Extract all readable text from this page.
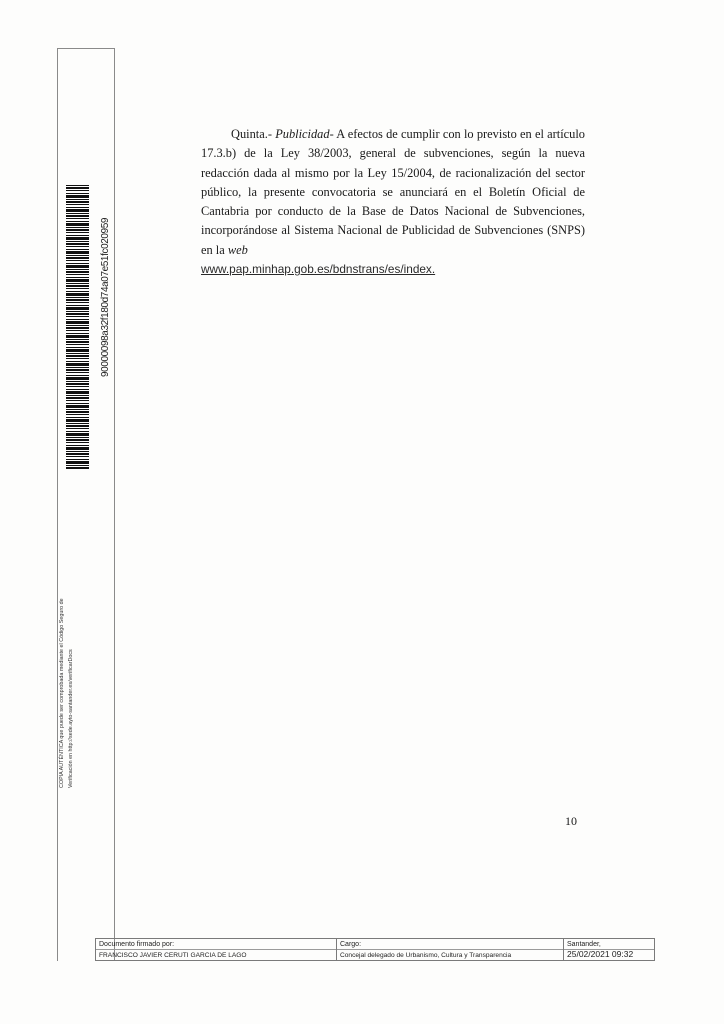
90000098a32f180d74a07e51fc020959
COPIA AUTÉNTICA que puede ser comprobada mediante el Código Seguro de Verificación en http://sede.ayto-santander.es/verificarDocs
Quinta.- Publicidad- A efectos de cumplir con lo previsto en el artículo 17.3.b) de la Ley 38/2003, general de subvenciones, según la nueva redacción dada al mismo por la Ley 15/2004, de racionalización del sector público, la presente convocatoria se anunciará en el Boletín Oficial de Cantabria por conducto de la Base de Datos Nacional de Subvenciones, incorporándose al Sistema Nacional de Publicidad de Subvenciones (SNPS) en la web
www.pap.minhap.gob.es/bdnstrans/es/index.
10
Documento firmado por:
FRANCISCO JAVIER CERUTI GARCIA DE LAGO
Cargo:
Concejal delegado de Urbanismo, Cultura y Transparencia
Santander,
25/02/2021 09:32
